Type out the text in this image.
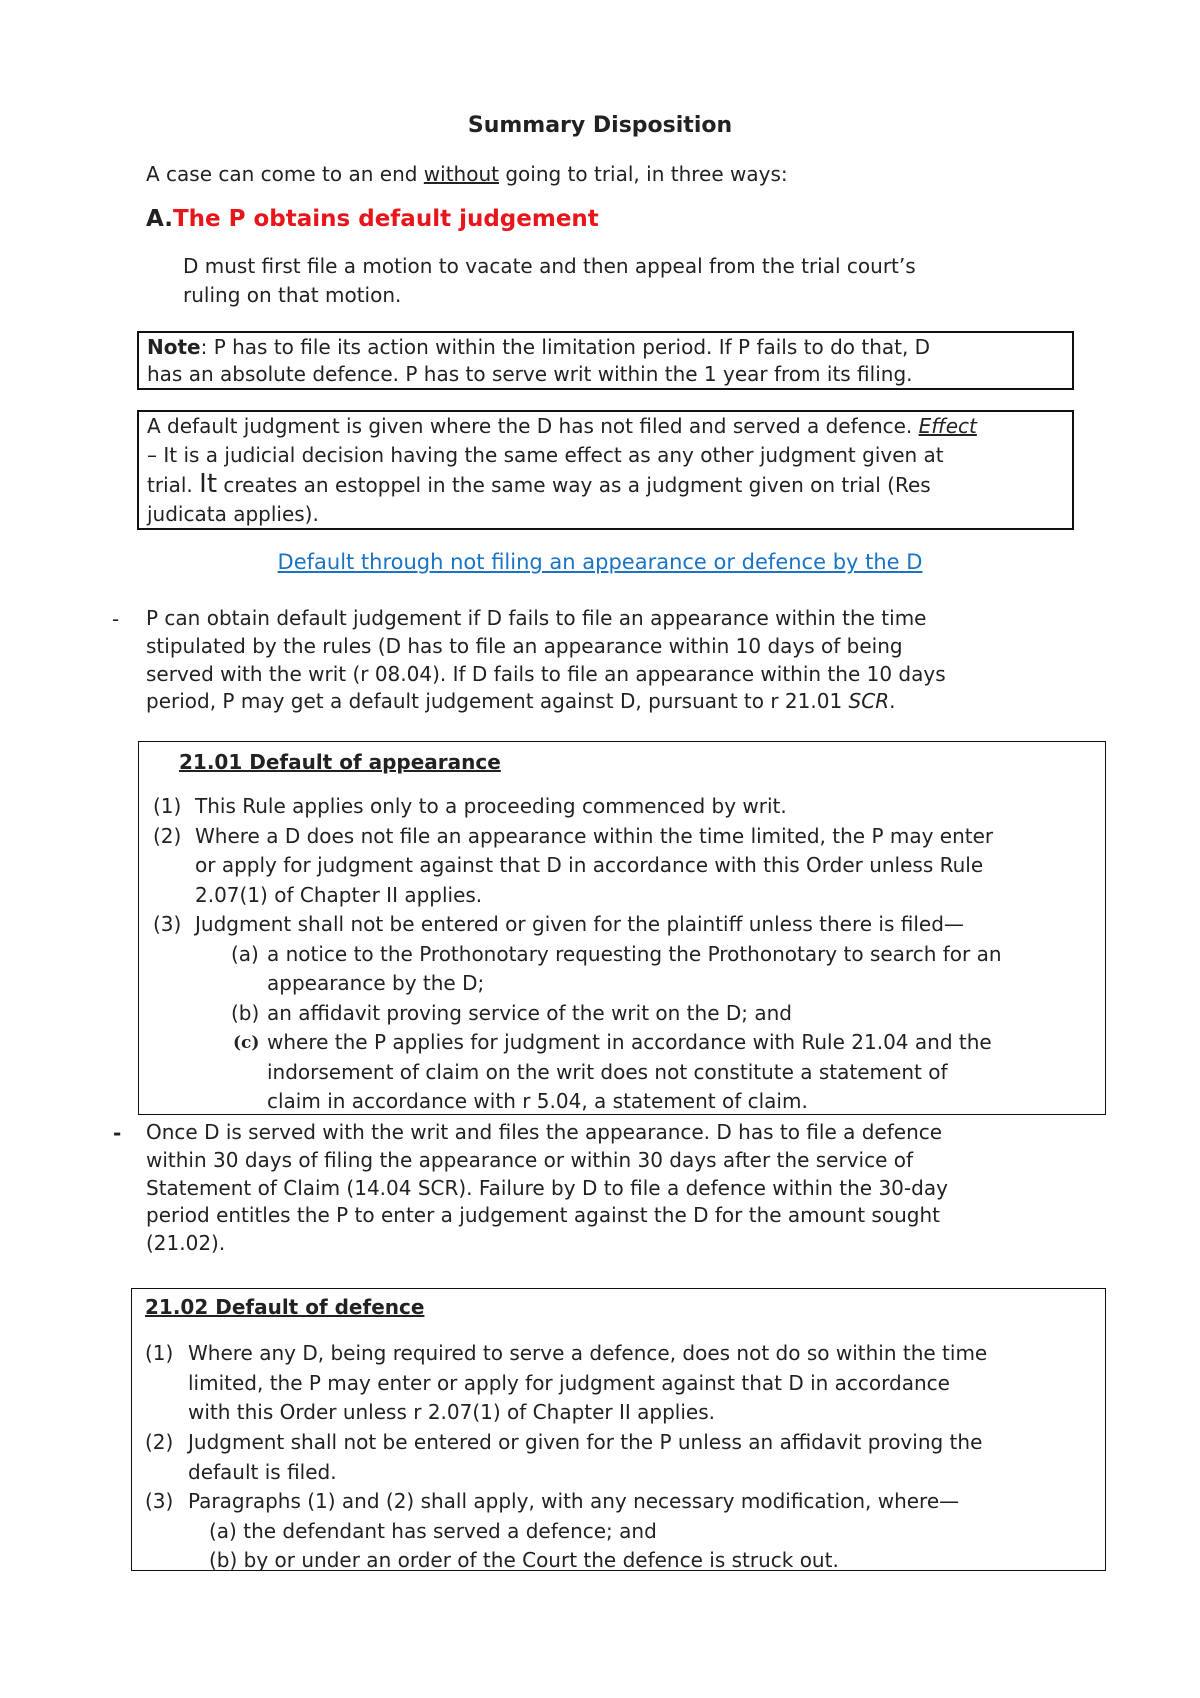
Summary Disposition
A case can come to an end without going to trial, in three ways:
A.The P obtains default judgement
D must first file a motion to vacate and then appeal from the trial court’s
ruling on that motion.
Note: P has to file its action within the limitation period. If P fails to do that, D
has an absolute defence. P has to serve writ within the 1 year from its filing.
A default judgment is given where the D has not filed and served a defence. Effect
– It is a judicial decision having the same effect as any other judgment given at
trial. It creates an estoppel in the same way as a judgment given on trial (Res
judicata applies).
Default through not filing an appearance or defence by the D
- P can obtain default judgement if D fails to file an appearance within the time
stipulated by the rules (D has to file an appearance within 10 days of being
served with the writ (r 08.04). If D fails to file an appearance within the 10 days
period, P may get a default judgement against D, pursuant to r 21.01 SCR.
21.01 Default of appearance
(1) This Rule applies only to a proceeding commenced by writ.
(2) Where a D does not file an appearance within the time limited, the P may enter
or apply for judgment against that D in accordance with this Order unless Rule
2.07(1) of Chapter II applies.
(3) Judgment shall not be entered or given for the plaintiff unless there is filed—
(a) a notice to the Prothonotary requesting the Prothonotary to search for an
appearance by the D;
(b) an affidavit proving service of the writ on the D; and
(c) where the P applies for judgment in accordance with Rule 21.04 and the
indorsement of claim on the writ does not constitute a statement of
claim in accordance with r 5.04, a statement of claim.
- Once D is served with the writ and files the appearance. D has to file a defence
within 30 days of filing the appearance or within 30 days after the service of
Statement of Claim (14.04 SCR). Failure by D to file a defence within the 30-day
period entitles the P to enter a judgement against the D for the amount sought
(21.02).
21.02 Default of defence
(1) Where any D, being required to serve a defence, does not do so within the time
limited, the P may enter or apply for judgment against that D in accordance
with this Order unless r 2.07(1) of Chapter II applies.
(2) Judgment shall not be entered or given for the P unless an affidavit proving the
default is filed.
(3) Paragraphs (1) and (2) shall apply, with any necessary modification, where—
(a) the defendant has served a defence; and
(b) by or under an order of the Court the defence is struck out.
